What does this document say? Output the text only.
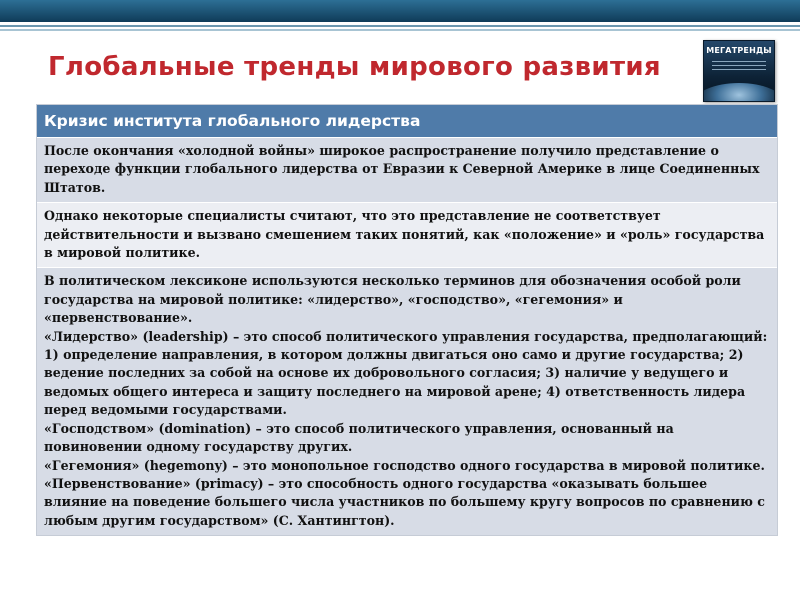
Глобальные тренды мирового развития
МЕГАТРЕНДЫ
Кризис института глобального лидерства

После окончания «холодной войны» широкое распространение получило представление о переходе функции глобального лидерства от Евразии к Северной Америке в лице Соединенных Штатов.

Однако некоторые специалисты считают, что это представление не соответствует действительности и вызвано смешением таких понятий, как «положение» и «роль» государства в мировой политике.

В политическом лексиконе используются несколько терминов для обозначения особой роли государства на мировой политике: «лидерство», «господство», «гегемония» и «первенствование».

«Лидерство» (leadership) – это способ политического управления государства, предполагающий: 1) определение направления, в котором должны двигаться оно само и другие государства; 2) ведение последних за собой на основе их добровольного согласия; 3) наличие у ведущего и ведомых общего интереса и защиту последнего на мировой арене; 4) ответственность лидера перед ведомыми государствами.

«Господством» (domination) – это способ политического управления, основанный на повиновении одному государству других.

«Гегемония» (hegemony) – это монопольное господство одного государства в мировой политике.

«Первенствование» (primacy) – это способность одного государства «оказывать большее влияние на поведение большего числа участников по большему кругу вопросов по сравнению с любым другим государством» (С. Хантингтон).
